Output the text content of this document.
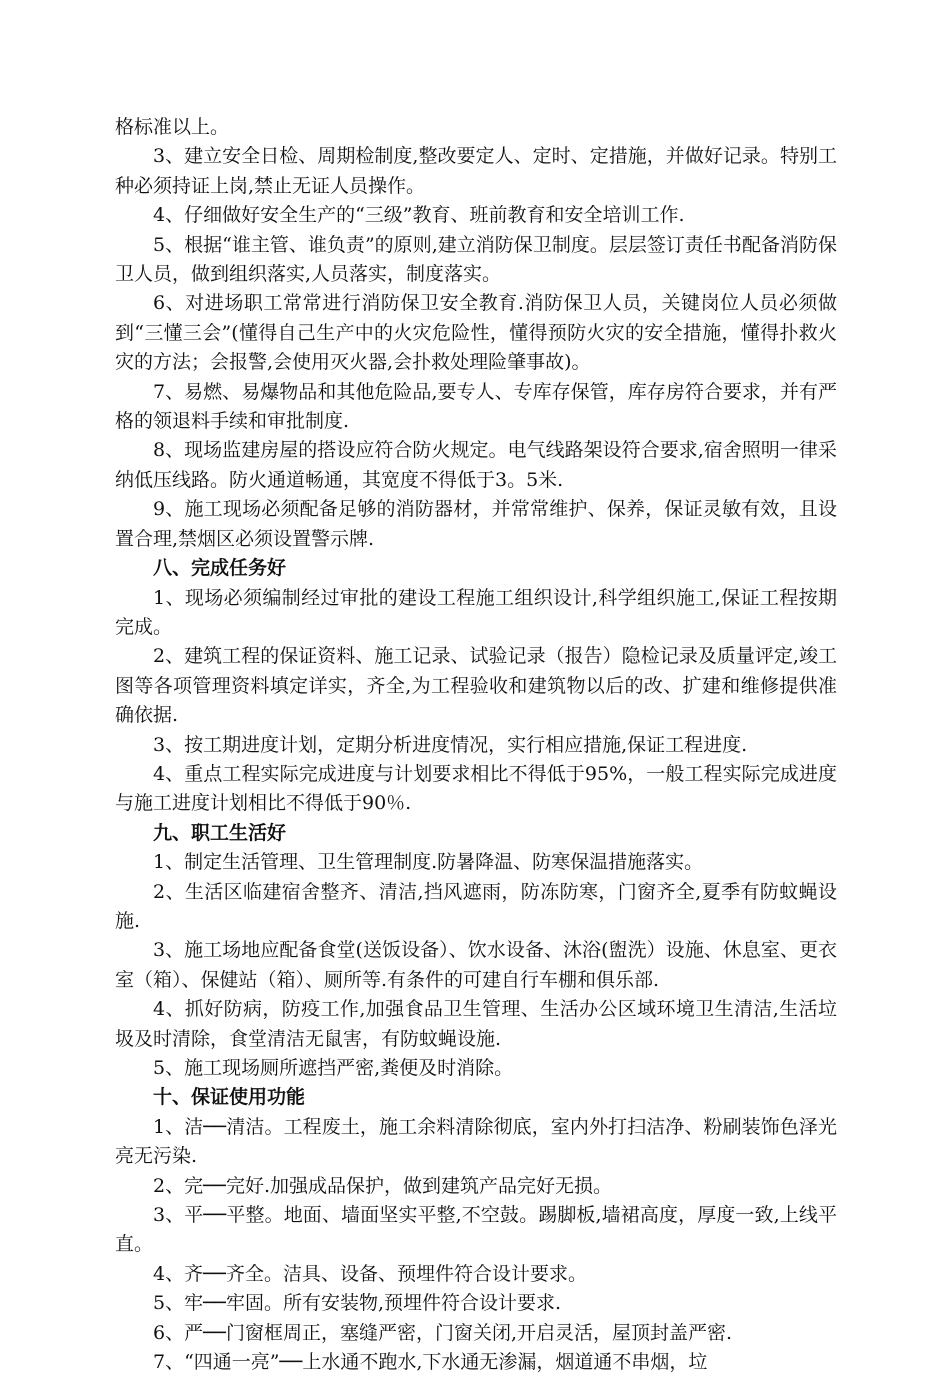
格标准以上。

3、建立安全日检、周期检制度,整改要定人、定时、定措施，并做好记录。特别工种必须持证上岗,禁止无证人员操作。

4、仔细做好安全生产的“三级”教育、班前教育和安全培训工作.

5、根据“谁主管、谁负责”的原则,建立消防保卫制度。层层签订责任书配备消防保卫人员，做到组织落实,人员落实，制度落实。

6、对进场职工常常进行消防保卫安全教育.消防保卫人员，关键岗位人员必须做到“三懂三会”(懂得自己生产中的火灾危险性，懂得预防火灾的安全措施，懂得扑救火灾的方法；会报警,会使用灭火器,会扑救处理险肇事故)。

7、易燃、易爆物品和其他危险品,要专人、专库存保管，库存房符合要求，并有严格的领退料手续和审批制度.

8、现场监建房屋的搭设应符合防火规定。电气线路架设符合要求,宿舍照明一律采纳低压线路。防火通道畅通，其宽度不得低于3。5米.

9、施工现场必须配备足够的消防器材，并常常维护、保养，保证灵敏有效，且设置合理,禁烟区必须设置警示牌.

八、完成任务好

1、现场必须编制经过审批的建设工程施工组织设计,科学组织施工,保证工程按期完成。

2、建筑工程的保证资料、施工记录、试验记录（报告）隐检记录及质量评定,竣工图等各项管理资料填定详实，齐全,为工程验收和建筑物以后的改、扩建和维修提供准确依据.

3、按工期进度计划，定期分析进度情况，实行相应措施,保证工程进度.

4、重点工程实际完成进度与计划要求相比不得低于95%，一般工程实际完成进度与施工进度计划相比不得低于90％.

九、职工生活好

1、制定生活管理、卫生管理制度.防暑降温、防寒保温措施落实。

2、生活区临建宿舍整齐、清洁,挡风遮雨，防冻防寒，门窗齐全,夏季有防蚊蝇设施.

3、施工场地应配备食堂(送饭设备）、饮水设备、沐浴(盥洗）设施、休息室、更衣室（箱）、保健站（箱）、厕所等.有条件的可建自行车棚和俱乐部.

4、抓好防病，防疫工作,加强食品卫生管理、生活办公区域环境卫生清洁,生活垃圾及时清除，食堂清洁无鼠害，有防蚊蝇设施.

5、施工现场厕所遮挡严密,粪便及时消除。

十、保证使用功能

1、洁──清洁。工程废土，施工余料清除彻底，室内外打扫洁净、粉刷装饰色泽光亮无污染.

2、完──完好.加强成品保护，做到建筑产品完好无损。

3、平──平整。地面、墙面坚实平整,不空鼓。踢脚板,墙裙高度，厚度一致,上线平直。

4、齐──齐全。洁具、设备、预埋件符合设计要求。

5、牢──牢固。所有安装物,预埋件符合设计要求.

6、严──门窗框周正，塞缝严密，门窗关闭,开启灵活，屋顶封盖严密.

7、“四通一亮”──上水通不跑水,下水通无渗漏，烟道通不串烟，垃
